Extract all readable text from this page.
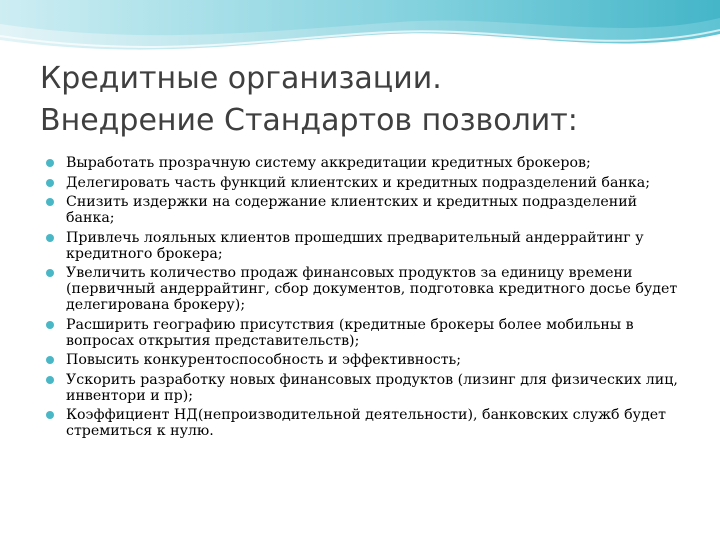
Кредитные организации.
Внедрение Стандартов позволит:
Выработать прозрачную систему аккредитации кредитных брокеров;
Делегировать часть функций клиентских и кредитных подразделений банка;
Снизить издержки на содержание клиентских и кредитных подразделений банка;
Привлечь лояльных клиентов прошедших предварительный андеррайтинг у кредитного брокера;
Увеличить количество продаж финансовых продуктов за единицу времени (первичный андеррайтинг, сбор документов, подготовка кредитного досье будет делегирована брокеру);
Расширить географию присутствия (кредитные брокеры более мобильны в вопросах открытия представительств);
Повысить конкурентоспособность и эффективность;
Ускорить разработку новых финансовых продуктов (лизинг для физических лиц, инвентори и пр);
Коэффициент НД(непроизводительной деятельности), банковских служб будет стремиться к нулю.
